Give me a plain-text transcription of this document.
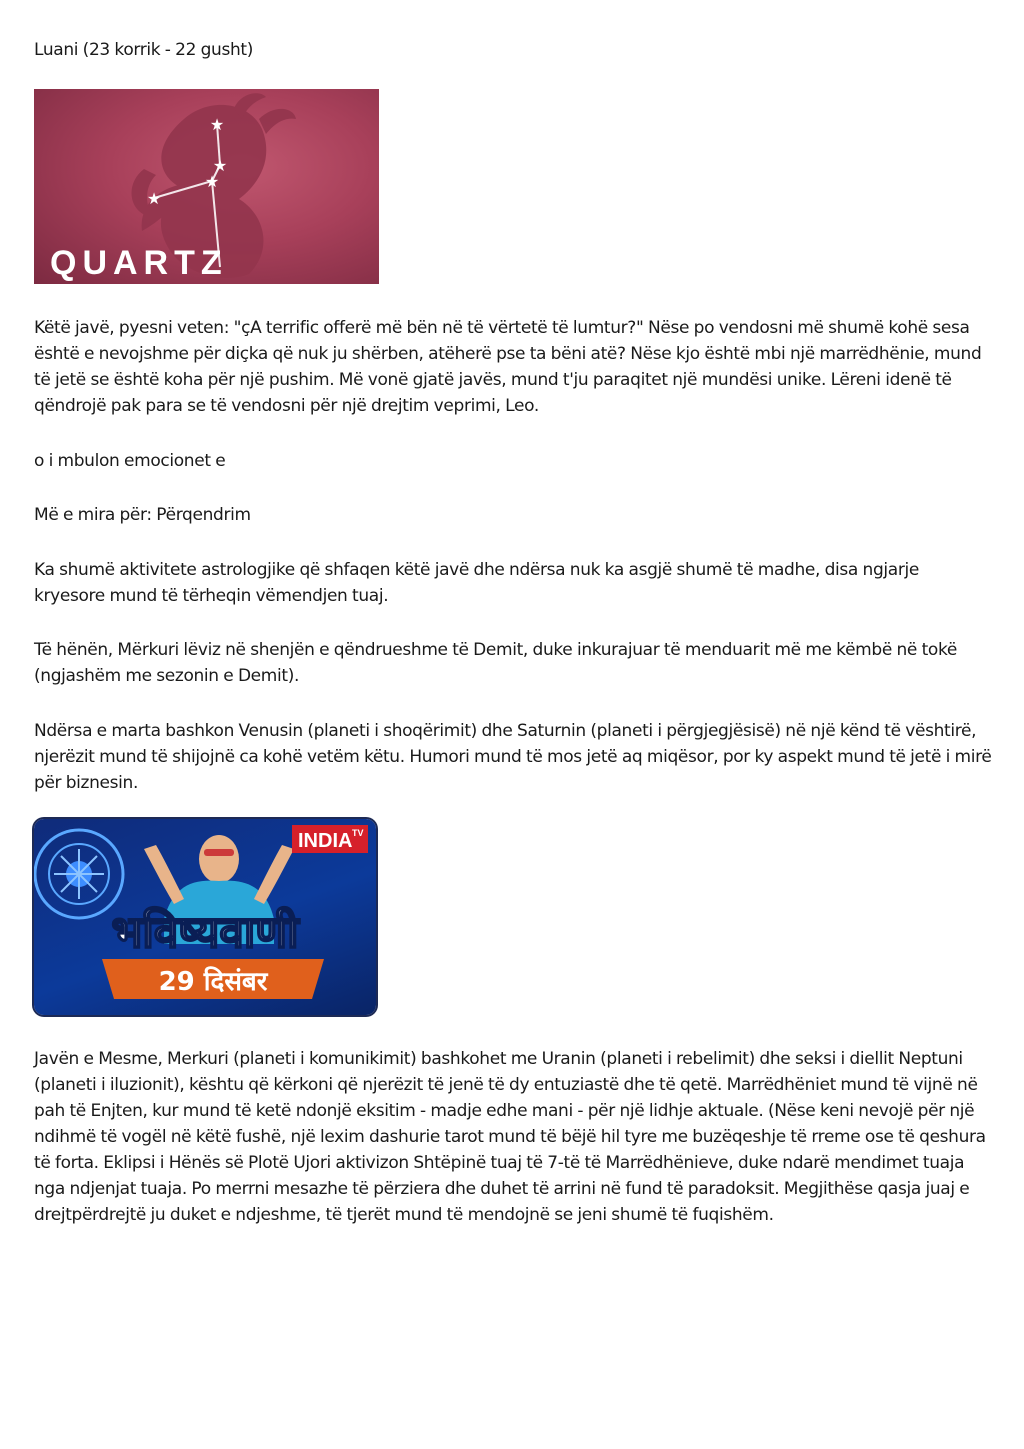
Luani (23 korrik - 22 gusht)

★
★
★
★
QUARTZ

Këtë javë, pyesni veten: "çA terrific offerë më bën në të vërtetë të lumtur?" Nëse po vendosni më shumë kohë sesa është e nevojshme për diçka që nuk ju shërben, atëherë pse ta bëni atë? Nëse kjo është mbi një marrëdhënie, mund të jetë se është koha për një pushim. Më vonë gjatë javës, mund t'ju paraqitet një mundësi unike. Lëreni idenë të qëndrojë pak para se të vendosni për një drejtim veprimi, Leo.

o i mbulon emocionet e

Më e mira për: Përqendrim

Ka shumë aktivitete astrologjike që shfaqen këtë javë dhe ndërsa nuk ka asgjë shumë të madhe, disa ngjarje kryesore mund të tërheqin vëmendjen tuaj.

Të hënën, Mërkuri lëviz në shenjën e qëndrueshme të Demit, duke inkurajuar të menduarit më me këmbë në tokë (ngjashëm me sezonin e Demit).

Ndërsa e marta bashkon Venusin (planeti i shoqërimit) dhe Saturnin (planeti i përgjegjësisë) në një kënd të vështirë, njerëzit mund të shijojnë ca kohë vetëm këtu. Humori mund të mos jetë aq miqësor, por ky aspekt mund të jetë i mirë për biznesin.

INDIA TV
भविष्यवाणी
29 दिसंबर

Javën e Mesme, Merkuri (planeti i komunikimit) bashkohet me Uranin (planeti i rebelimit) dhe seksi i diellit Neptuni (planeti i iluzionit), kështu që kërkoni që njerëzit të jenë të dy entuziastë dhe të qetë. Marrëdhëniet mund të vijnë në pah të Enjten, kur mund të ketë ndonjë eksitim - madje edhe mani - për një lidhje aktuale. (Nëse keni nevojë për një ndihmë të vogël në këtë fushë, një lexim dashurie tarot mund të bëjë hil tyre me buzëqeshje të rreme ose të qeshura të forta. Eklipsi i Hënës së Plotë Ujori aktivizon Shtëpinë tuaj të 7-të të Marrëdhënieve, duke ndarë mendimet tuaja nga ndjenjat tuaja. Po merrni mesazhe të përziera dhe duhet të arrini në fund të paradoksit. Megjithëse qasja juaj e drejtpërdrejtë ju duket e ndjeshme, të tjerët mund të mendojnë se jeni shumë të fuqishëm.
